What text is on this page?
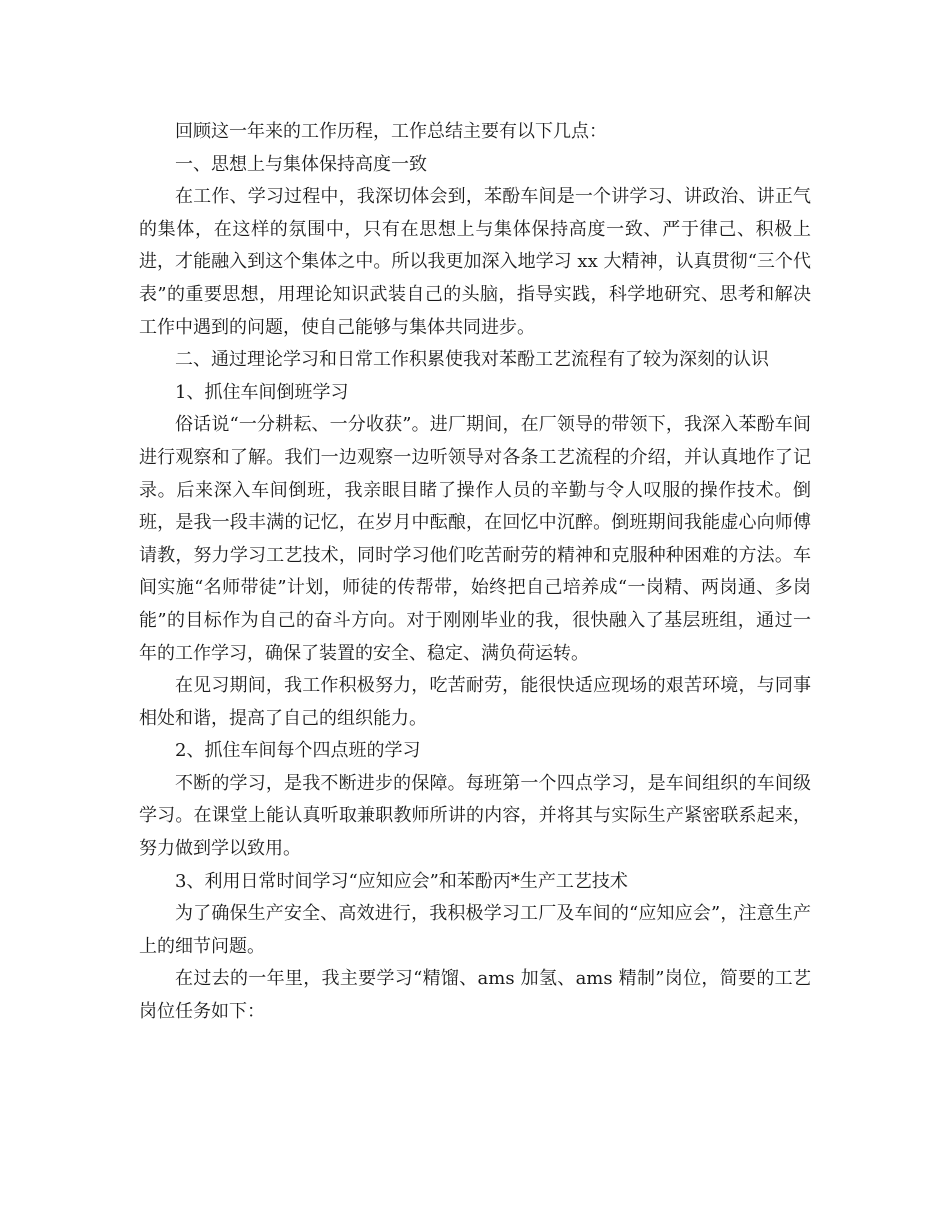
回顾这一年来的工作历程，工作总结主要有以下几点：

一、思想上与集体保持高度一致

在工作、学习过程中，我深切体会到，苯酚车间是一个讲学习、讲政治、讲正气的集体，在这样的氛围中，只有在思想上与集体保持高度一致、严于律己、积极上进，才能融入到这个集体之中。所以我更加深入地学习 xx 大精神，认真贯彻“三个代表”的重要思想，用理论知识武装自己的头脑，指导实践，科学地研究、思考和解决工作中遇到的问题，使自己能够与集体共同进步。

二、通过理论学习和日常工作积累使我对苯酚工艺流程有了较为深刻的认识

1、抓住车间倒班学习

俗话说“一分耕耘、一分收获”。进厂期间，在厂领导的带领下，我深入苯酚车间进行观察和了解。我们一边观察一边听领导对各条工艺流程的介绍，并认真地作了记录。后来深入车间倒班，我亲眼目睹了操作人员的辛勤与令人叹服的操作技术。倒班，是我一段丰满的记忆，在岁月中酝酿，在回忆中沉醉。倒班期间我能虚心向师傅请教，努力学习工艺技术，同时学习他们吃苦耐劳的精神和克服种种困难的方法。车间实施“名师带徒”计划，师徒的传帮带，始终把自己培养成“一岗精、两岗通、多岗能”的目标作为自己的奋斗方向。对于刚刚毕业的我，很快融入了基层班组，通过一年的工作学习，确保了装置的安全、稳定、满负荷运转。

在见习期间，我工作积极努力，吃苦耐劳，能很快适应现场的艰苦环境，与同事相处和谐，提高了自己的组织能力。

2、抓住车间每个四点班的学习

不断的学习，是我不断进步的保障。每班第一个四点学习，是车间组织的车间级学习。在课堂上能认真听取兼职教师所讲的内容，并将其与实际生产紧密联系起来，努力做到学以致用。

3、利用日常时间学习“应知应会”和苯酚丙*生产工艺技术

为了确保生产安全、高效进行，我积极学习工厂及车间的“应知应会”，注意生产上的细节问题。

在过去的一年里，我主要学习“精馏、ams 加氢、ams 精制”岗位，简要的工艺岗位任务如下：
